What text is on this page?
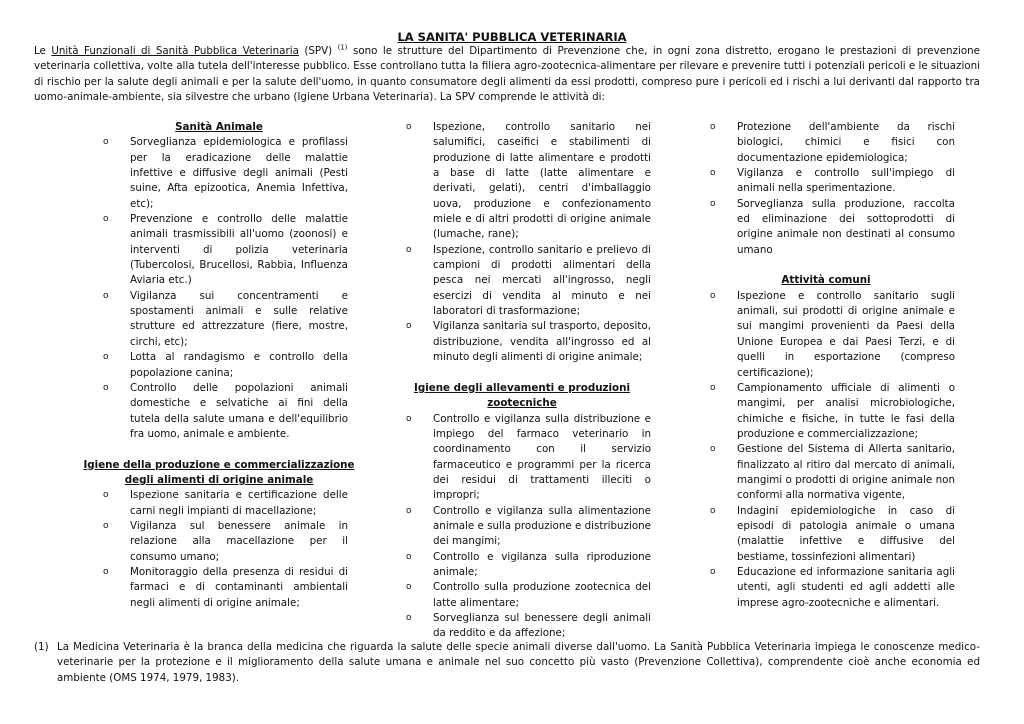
LA SANITA' PUBBLICA VETERINARIA
Le Unità Funzionali di Sanità Pubblica Veterinaria (SPV) $^{(1)}$ sono le strutture del Dipartimento di Prevenzione che, in ogni zona distretto, erogano le prestazioni di prevenzione veterinaria collettiva, volte alla tutela dell'interesse pubblico. Esse controllano tutta la filiera agro-zootecnica-alimentare per rilevare e prevenire tutti i potenziali pericoli e le situazioni di rischio per la salute degli animali e per la salute dell'uomo, in quanto consumatore degli alimenti da essi prodotti, compreso pure i pericoli ed i rischi a lui derivanti dal rapporto tra uomo-animale-ambiente, sia silvestre che urbano (Igiene Urbana Veterinaria). La SPV comprende le attività di:
Sanità Animale
o Sorveglianza epidemiologica e profilassi per la eradicazione delle malattie infettive e diffusive degli animali (Pesti suine, Afta epizootica, Anemia Infettiva, etc);
o Prevenzione e controllo delle malattie animali trasmissibili all'uomo (zoonosi) e interventi di polizia veterinaria (Tubercolosi, Brucellosi, Rabbia, Influenza Aviaria etc.)
o Vigilanza sui concentramenti e spostamenti animali e sulle relative strutture ed attrezzature (fiere, mostre, circhi, etc);
o Lotta al randagismo e controllo della popolazione canina;
o Controllo delle popolazioni animali domestiche e selvatiche ai fini della tutela della salute umana e dell'equilibrio fra uomo, animale e ambiente.
Igiene della produzione e commercializzazione
degli alimenti di origine animale
o Ispezione sanitaria e certificazione delle carni negli impianti di macellazione;
o Vigilanza sul benessere animale in relazione alla macellazione per il consumo umano;
o Monitoraggio della presenza di residui di farmaci e di contaminanti ambientali negli alimenti di origine animale;
o Ispezione, controllo sanitario nei salumifici, caseifici e stabilimenti di produzione di latte alimentare e prodotti a base di latte (latte alimentare e derivati, gelati), centri d'imballaggio uova, produzione e confezionamento miele e di altri prodotti di origine animale (lumache, rane);
o Ispezione, controllo sanitario e prelievo di campioni di prodotti alimentari della pesca nei mercati all'ingrosso, negli esercizi di vendita al minuto e nei laboratori di trasformazione;
o Vigilanza sanitaria sul trasporto, deposito, distribuzione, vendita all'ingrosso ed al minuto degli alimenti di origine animale;
Igiene degli allevamenti e produzioni zootecniche
o Controllo e vigilanza sulla distribuzione e impiego del farmaco veterinario in coordinamento con il servizio farmaceutico e programmi per la ricerca dei residui di trattamenti illeciti o impropri;
o Controllo e vigilanza sulla alimentazione animale e sulla produzione e distribuzione dei mangimi;
o Controllo e vigilanza sulla riproduzione animale;
o Controllo sulla produzione zootecnica del latte alimentare;
o Sorveglianza sul benessere degli animali da reddito e da affezione;
o Protezione dell'ambiente da rischi biologici, chimici e fisici con documentazione epidemiologica;
o Vigilanza e controllo sull'impiego di animali nella sperimentazione.
o Sorveglianza sulla produzione, raccolta ed eliminazione dei sottoprodotti di origine animale non destinati al consumo umano
Attività comuni
o Ispezione e controllo sanitario sugli animali, sui prodotti di origine animale e sui mangimi provenienti da Paesi della Unione Europea e dai Paesi Terzi, e di quelli in esportazione (compreso certificazione);
o Campionamento ufficiale di alimenti o mangimi, per analisi microbiologiche, chimiche e fisiche, in tutte le fasi della produzione e commercializzazione;
o Gestione del Sistema di Allerta sanitario, finalizzato al ritiro dal mercato di animali, mangimi o prodotti di origine animale non conformi alla normativa vigente,
o Indagini epidemiologiche in caso di episodi di patologia animale o umana (malattie infettive e diffusive del bestiame, tossinfezioni alimentari)
o Educazione ed informazione sanitaria agli utenti, agli studenti ed agli addetti alle imprese agro-zootecniche e alimentari.
(1) La Medicina Veterinaria è la branca della medicina che riguarda la salute delle specie animali diverse dall'uomo. La Sanità Pubblica Veterinaria impiega le conoscenze medico-veterinarie per la protezione e il miglioramento della salute umana e animale nel suo concetto più vasto (Prevenzione Collettiva), comprendente cioè anche economia ed ambiente (OMS 1974, 1979, 1983).
